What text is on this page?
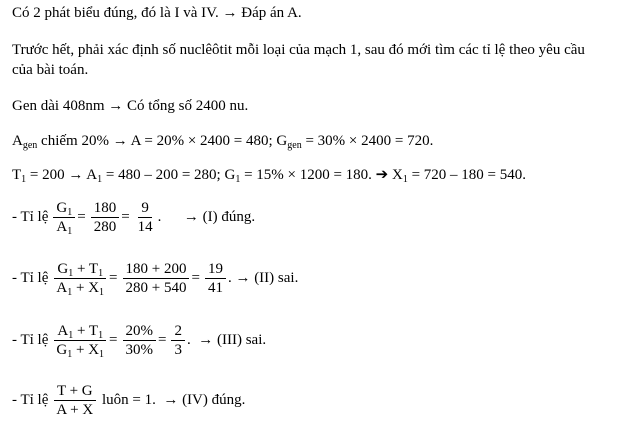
Có 2 phát biểu đúng, đó là I và IV. → Đáp án A.
Trước hết, phải xác định số nuclêôtit mỗi loại của mạch 1, sau đó mới tìm các tỉ lệ theo yêu cầu
của bài toán.
Gen dài 408nm → Có tổng số 2400 nu.
$A_{gen}$ chiếm 20% → A = 20% × 2400 = 480; $G_{gen} = 30\% \times 2400 = 720$.
$T_1 = 200 \to A_1 = 480 - 200 = 280$; $G_1 = 15\% \times 1200 = 180$. ➔ $X_1 = 720 - 180 = 540$.
- Tỉ lệ $\frac{G_1}{A_1} = \frac{180}{280} = \frac{9}{14}$ .      → (I) đúng.
- Tỉ lệ $\frac{G_1 + T_1}{A_1 + X_1} = \frac{180 + 200}{280 + 540} = \frac{19}{41}$ . → (II) sai.
- Tỉ lệ $\frac{A_1 + T_1}{G_1 + X_1} = \frac{20\%}{30\%} = \frac{2}{3}$ .  → (III) sai.
- Tỉ lệ $\frac{T + G}{A + X}$ luôn = 1.  → (IV) đúng.
